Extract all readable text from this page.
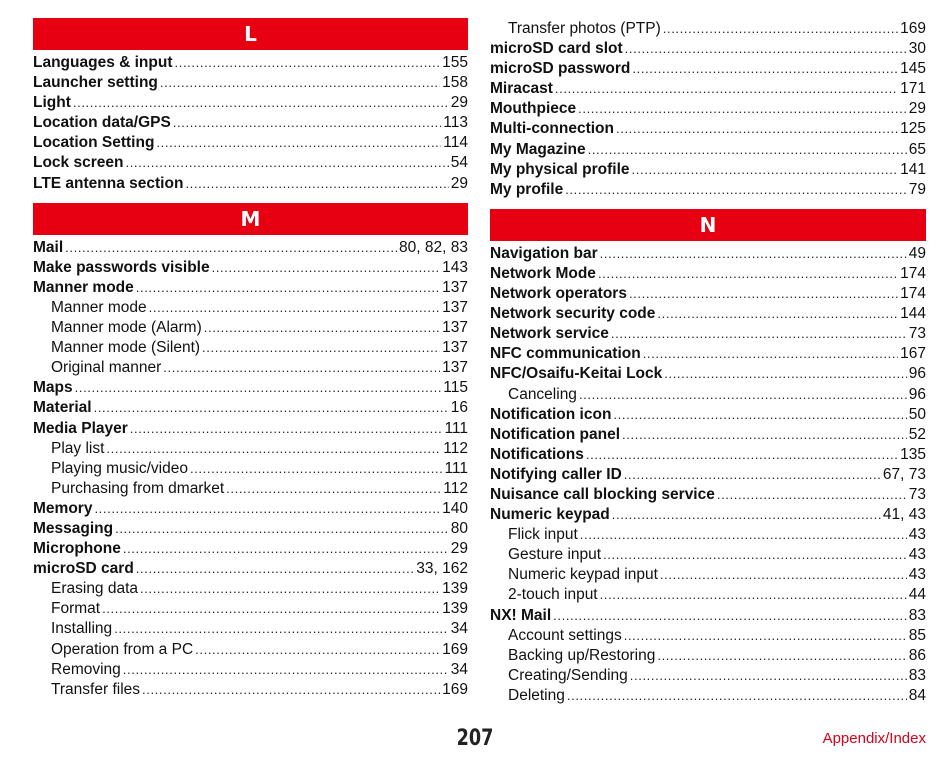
L
Languages & input . . .	155
Launcher setting . . .	158
Light . . .	29
Location data/GPS . . .	113
Location Setting . . .	114
Lock screen . . .	54
LTE antenna section . . .	29
M
Mail . . .	80, 82, 83
Make passwords visible . . .	143
Manner mode . . .	137
Manner mode . . .	137
Manner mode (Alarm) . . .	137
Manner mode (Silent) . . .	137
Original manner . . .	137
Maps . . .	115
Material . . .	16
Media Player . . .	111
Play list . . .	112
Playing music/video . . .	111
Purchasing from dmarket . . .	112
Memory . . .	140
Messaging . . .	80
Microphone . . .	29
microSD card . . .	33, 162
Erasing data . . .	139
Format . . .	139
Installing . . .	34
Operation from a PC . . .	169
Removing . . .	34
Transfer files . . .	169
Transfer photos (PTP) . . .	169
microSD card slot . . .	30
microSD password . . .	145
Miracast . . .	171
Mouthpiece . . .	29
Multi-connection . . .	125
My Magazine . . .	65
My physical profile . . .	141
My profile . . .	79
N
Navigation bar . . .	49
Network Mode . . .	174
Network operators . . .	174
Network security code . . .	144
Network service . . .	73
NFC communication . . .	167
NFC/Osaifu-Keitai Lock . . .	96
Canceling . . .	96
Notification icon . . .	50
Notification panel . . .	52
Notifications . . .	135
Notifying caller ID . . .	67, 73
Nuisance call blocking service . . .	73
Numeric keypad . . .	41, 43
Flick input . . .	43
Gesture input . . .	43
Numeric keypad input . . .	43
2-touch input . . .	44
NX! Mail . . .	83
Account settings . . .	85
Backing up/Restoring . . .	86
Creating/Sending . . .	83
Deleting . . .	84
207	Appendix/Index
